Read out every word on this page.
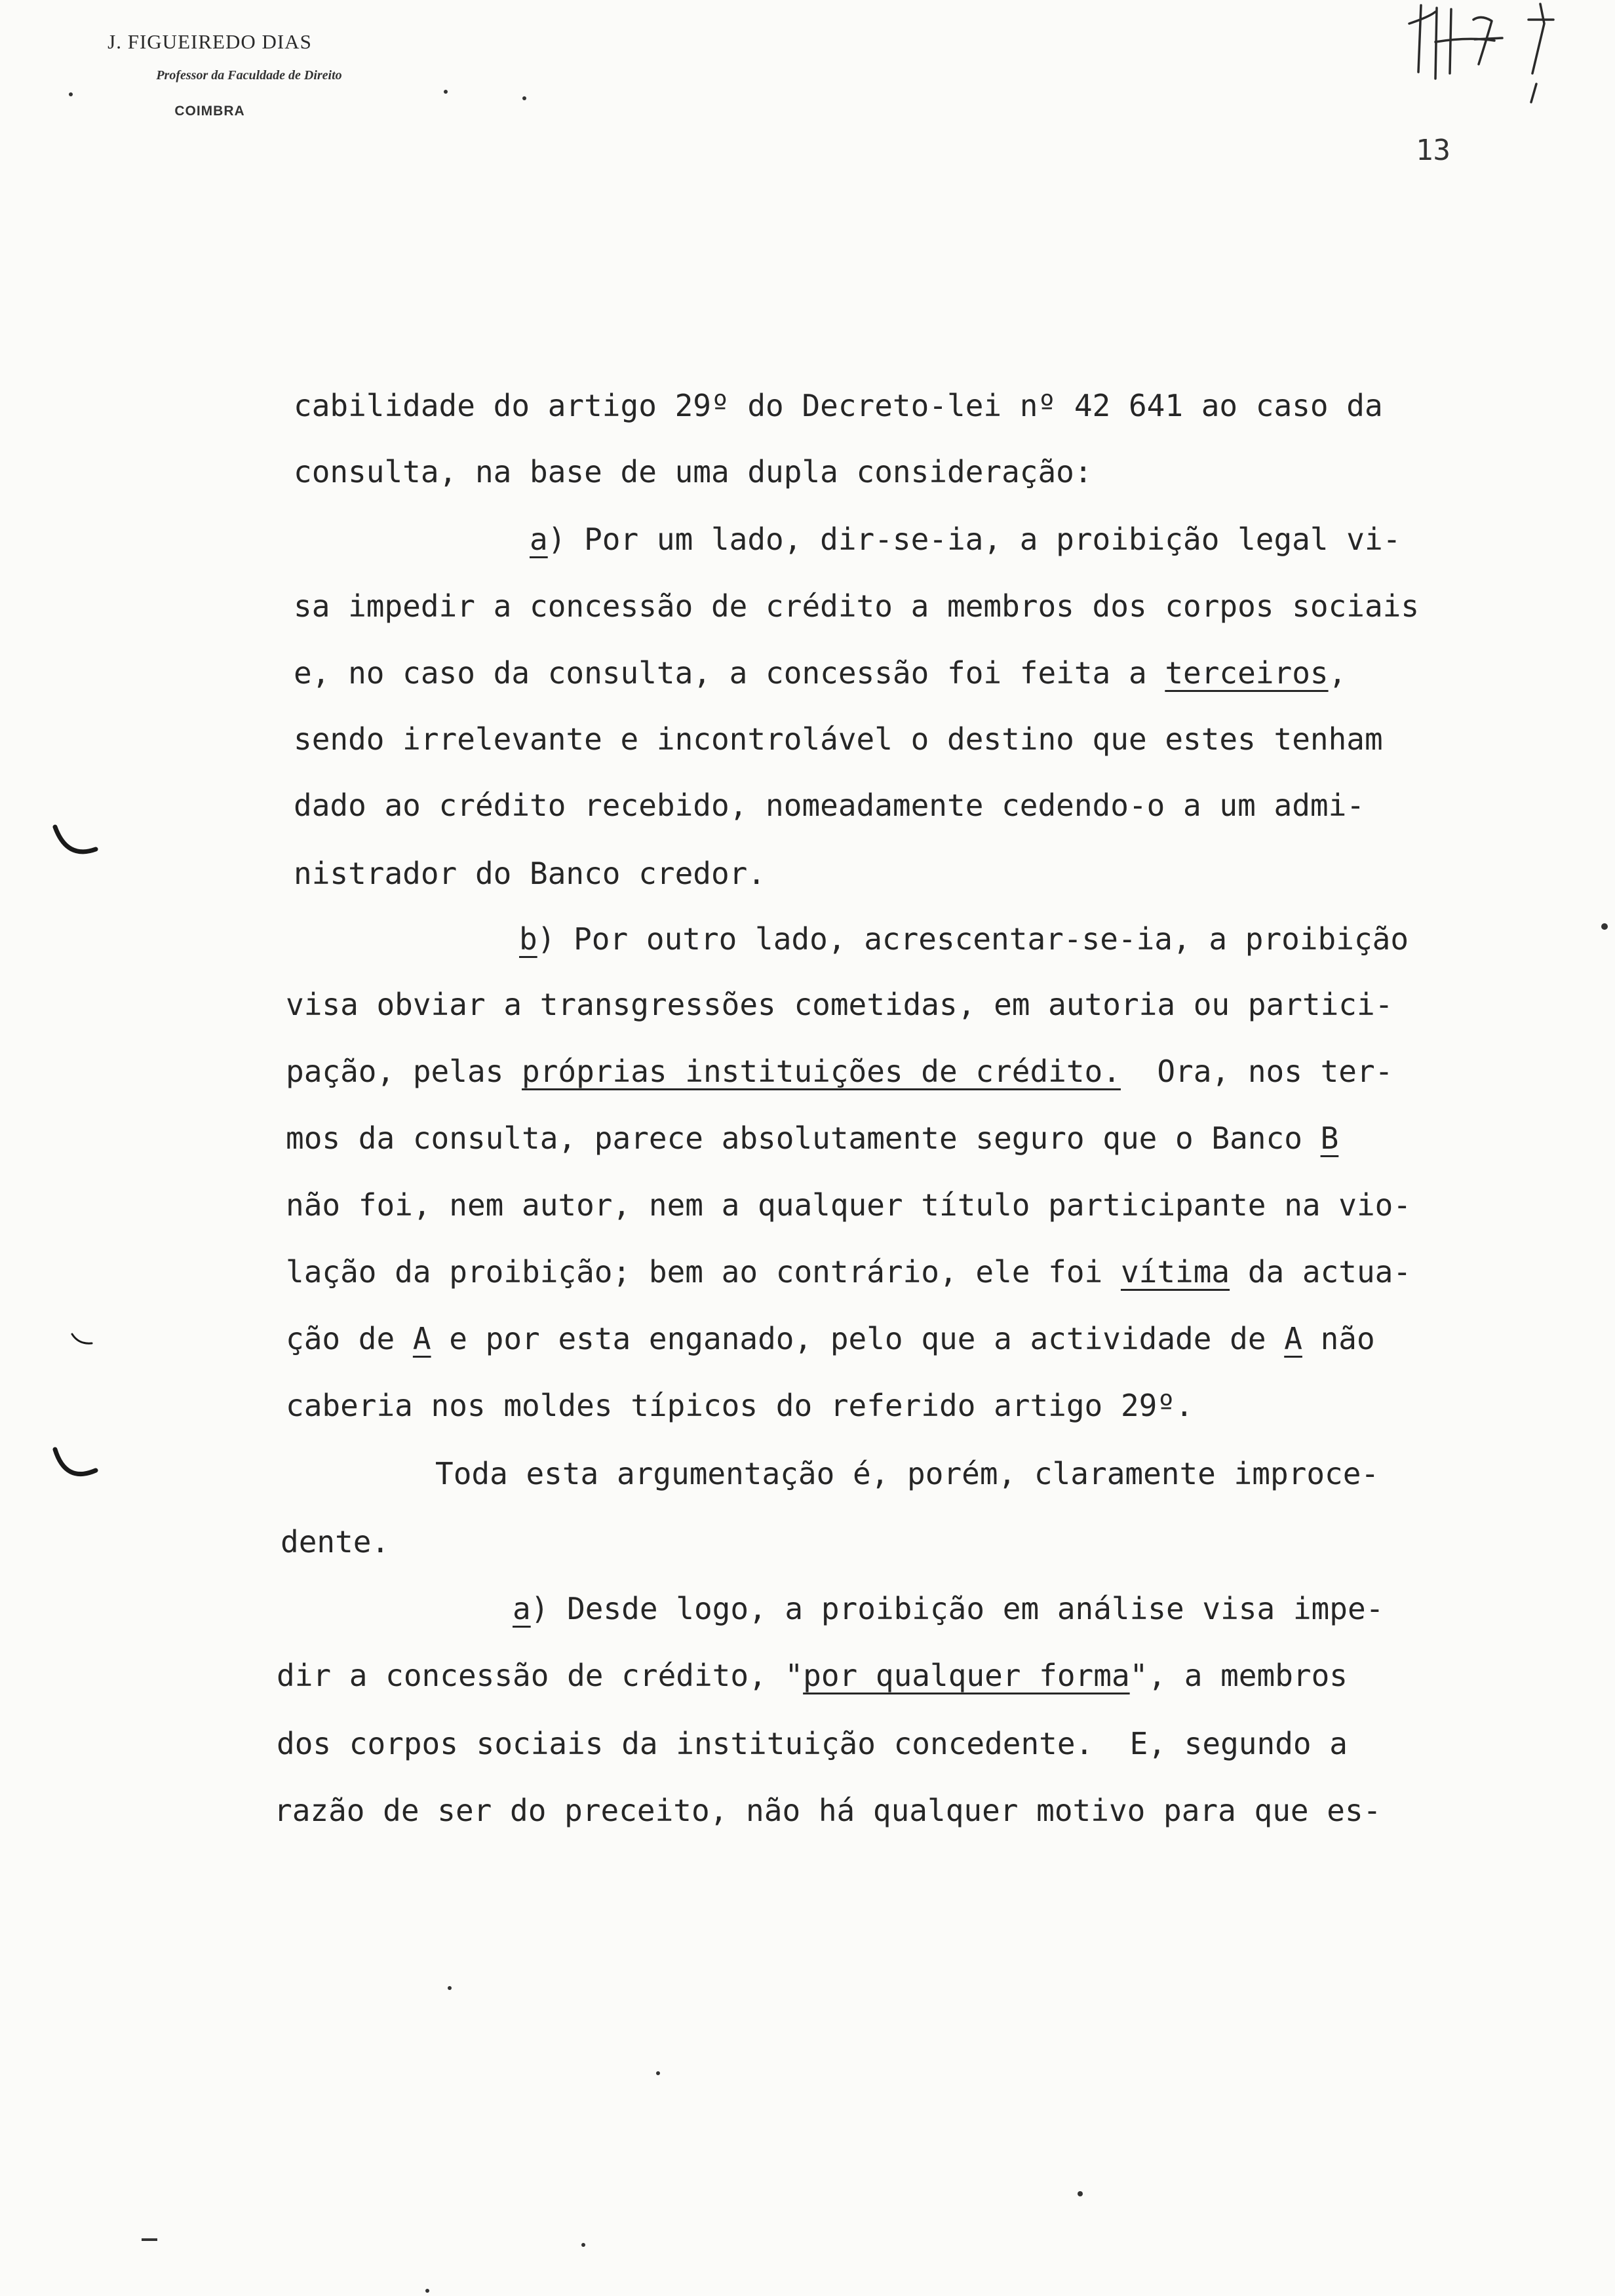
J. FIGUEIREDO DIAS
Professor da Faculdade de Direito
COIMBRA
13
cabilidade do artigo 29º do Decreto-lei nº 42 641 ao caso da
consulta, na base de uma dupla consideração:
a) Por um lado, dir-se-ia, a proibição legal vi-
sa impedir a concessão de crédito a membros dos corpos sociais
e, no caso da consulta, a concessão foi feita a terceiros,
sendo irrelevante e incontrolável o destino que estes tenham
dado ao crédito recebido, nomeadamente cedendo-o a um admi-
nistrador do Banco credor.
b) Por outro lado, acrescentar-se-ia, a proibição
visa obviar a transgressões cometidas, em autoria ou partici-
pação, pelas próprias instituições de crédito.  Ora, nos ter-
mos da consulta, parece absolutamente seguro que o Banco B
não foi, nem autor, nem a qualquer título participante na vio-
lação da proibição; bem ao contrário, ele foi vítima da actua-
ção de A e por esta enganado, pelo que a actividade de A não
caberia nos moldes típicos do referido artigo 29º.
Toda esta argumentação é, porém, claramente improce-
dente.
a) Desde logo, a proibição em análise visa impe-
dir a concessão de crédito, "por qualquer forma", a membros
dos corpos sociais da instituição concedente.  E, segundo a
razão de ser do preceito, não há qualquer motivo para que es-
